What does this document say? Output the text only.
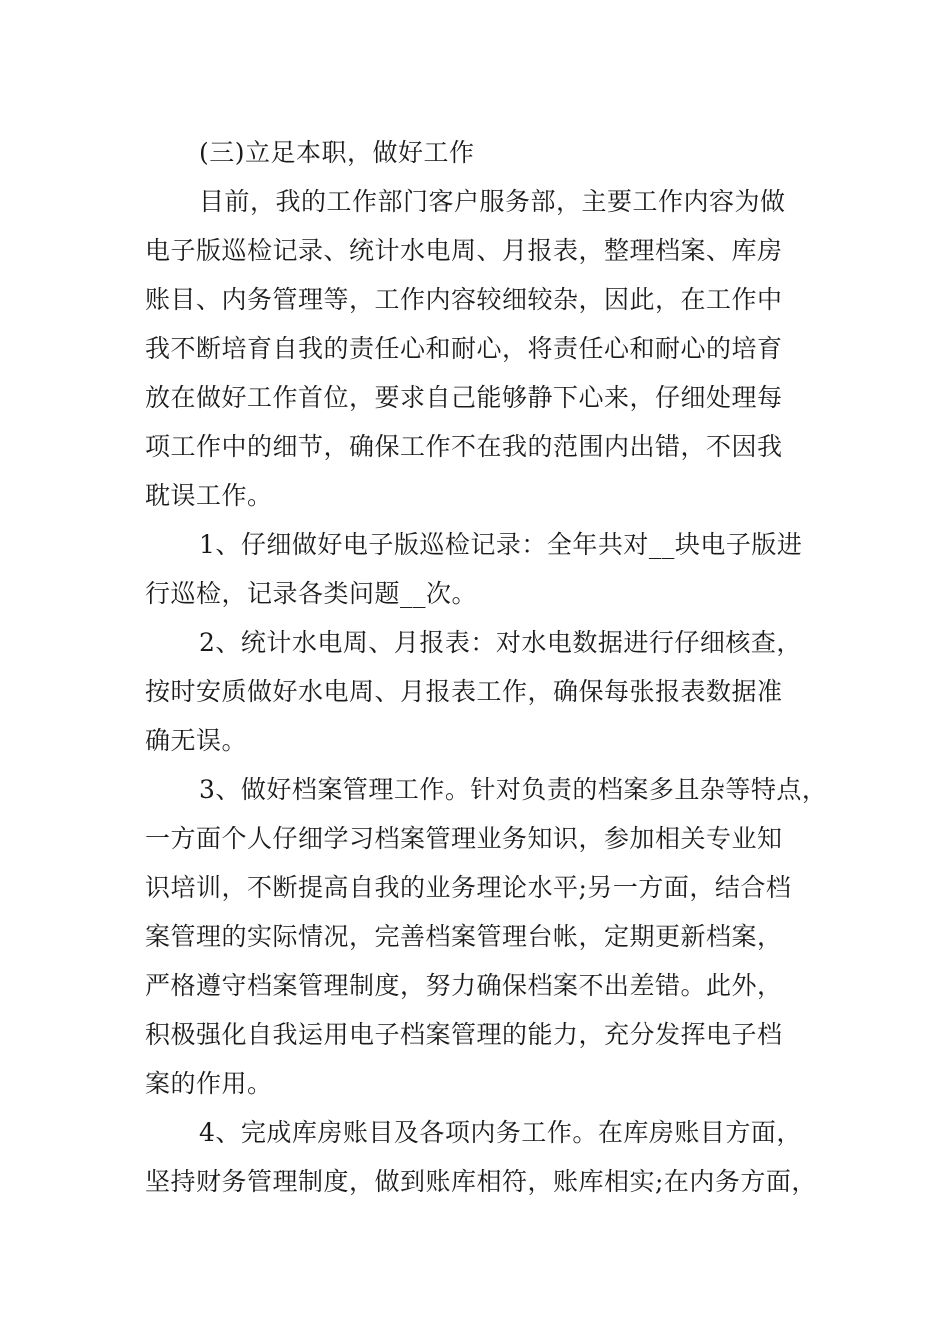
(三)立足本职，做好工作
目前，我的工作部门客户服务部，主要工作内容为做
电子版巡检记录、统计水电周、月报表，整理档案、库房
账目、内务管理等，工作内容较细较杂，因此，在工作中
我不断培育自我的责任心和耐心，将责任心和耐心的培育
放在做好工作首位，要求自己能够静下心来，仔细处理每
项工作中的细节，确保工作不在我的范围内出错，不因我
耽误工作。
1、仔细做好电子版巡检记录：全年共对__块电子版进
行巡检，记录各类问题__次。
2、统计水电周、月报表：对水电数据进行仔细核查，
按时安质做好水电周、月报表工作，确保每张报表数据准
确无误。
3、做好档案管理工作。针对负责的档案多且杂等特点，
一方面个人仔细学习档案管理业务知识，参加相关专业知
识培训，不断提高自我的业务理论水平;另一方面，结合档
案管理的实际情况，完善档案管理台帐，定期更新档案，
严格遵守档案管理制度，努力确保档案不出差错。此外，
积极强化自我运用电子档案管理的能力，充分发挥电子档
案的作用。
4、完成库房账目及各项内务工作。在库房账目方面，
坚持财务管理制度，做到账库相符，账库相实;在内务方面，
